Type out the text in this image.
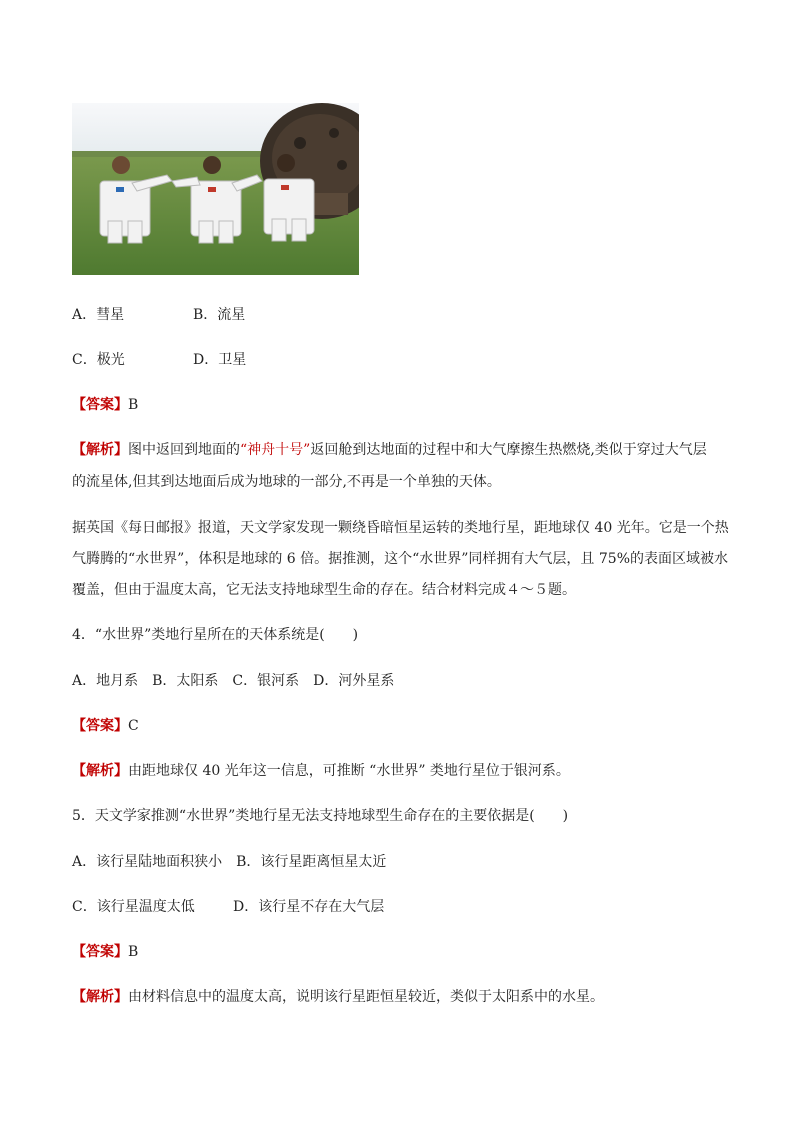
A．彗星	B．流星
C．极光	D．卫星
【答案】B
【解析】图中返回到地面的“神舟十号”返回舱到达地面的过程中和大气摩擦生热燃烧,类似于穿过大气层
的流星体,但其到达地面后成为地球的一部分,不再是一个单独的天体。
据英国《每日邮报》报道，天文学家发现一颗绕昏暗恒星运转的类地行星，距地球仅 40 光年。它是一个热
气腾腾的“水世界”，体积是地球的 6 倍。据推测，这个“水世界”同样拥有大气层，且 75%的表面区域被水
覆盖，但由于温度太高，它无法支持地球型生命的存在。结合材料完成４～５题。
4．“水世界”类地行星所在的天体系统是(　　)
A．地月系　B．太阳系　C．银河系　D．河外星系
【答案】C
【解析】由距地球仅 40 光年这一信息，可推断 “水世界” 类地行星位于银河系。
5．天文学家推测“水世界”类地行星无法支持地球型生命存在的主要依据是(　　)
A．该行星陆地面积狭小　B．该行星距离恒星太近
C．该行星温度太低	D．该行星不存在大气层
【答案】B
【解析】由材料信息中的温度太高，说明该行星距恒星较近，类似于太阳系中的水星。
